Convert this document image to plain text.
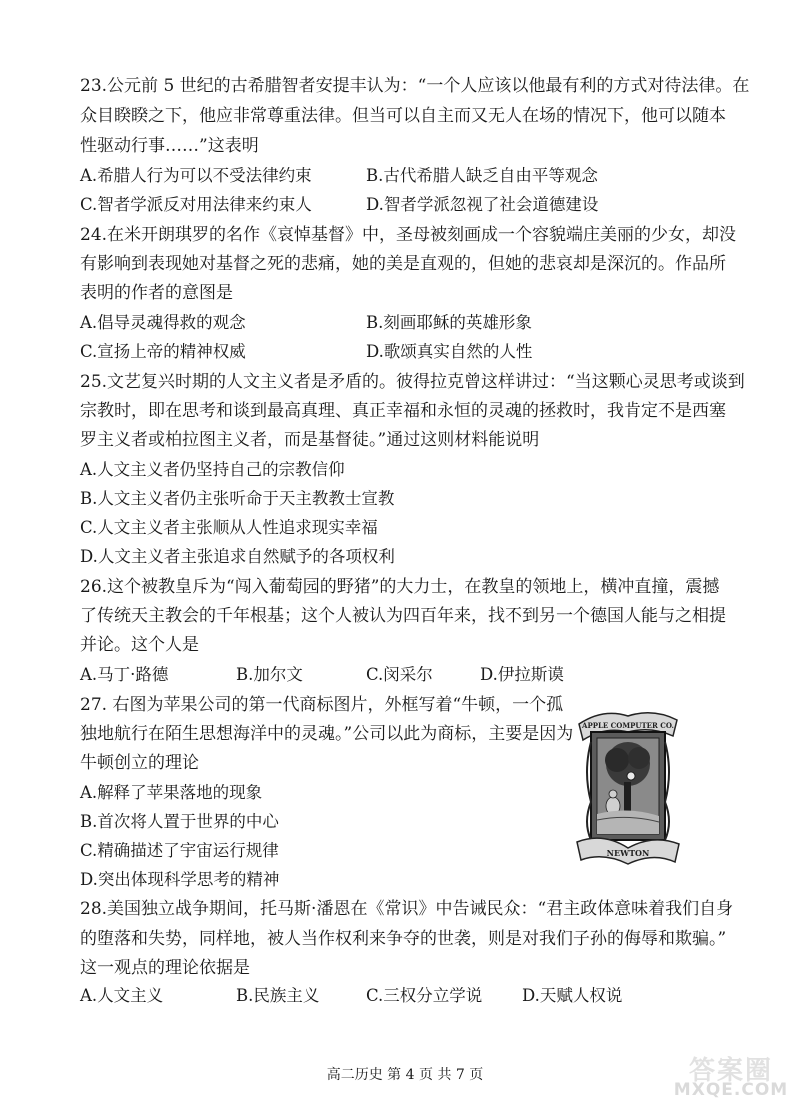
23.公元前 5 世纪的古希腊智者安提丰认为：“一个人应该以他最有利的方式对待法律。在
众目睽睽之下，他应非常尊重法律。但当可以自主而又无人在场的情况下，他可以随本
性驱动行事……”这表明
A.希腊人行为可以不受法律约束	B.古代希腊人缺乏自由平等观念
C.智者学派反对用法律来约束人	D.智者学派忽视了社会道德建设
24.在米开朗琪罗的名作《哀悼基督》中，圣母被刻画成一个容貌端庄美丽的少女，却没
有影响到表现她对基督之死的悲痛，她的美是直观的，但她的悲哀却是深沉的。作品所
表明的作者的意图是
A.倡导灵魂得救的观念	B.刻画耶稣的英雄形象
C.宣扬上帝的精神权威	D.歌颂真实自然的人性
25.文艺复兴时期的人文主义者是矛盾的。彼得拉克曾这样讲过：“当这颗心灵思考或谈到
宗教时，即在思考和谈到最高真理、真正幸福和永恒的灵魂的拯救时，我肯定不是西塞
罗主义者或柏拉图主义者，而是基督徒。”通过这则材料能说明
A.人文主义者仍坚持自己的宗教信仰
B.人文主义者仍主张听命于天主教教士宣教
C.人文主义者主张顺从人性追求现实幸福
D.人文主义者主张追求自然赋予的各项权利
26.这个被教皇斥为“闯入葡萄园的野猪”的大力士，在教皇的领地上，横冲直撞，震撼
了传统天主教会的千年根基；这个人被认为四百年来，找不到另一个德国人能与之相提
并论。这个人是
A.马丁·路德	B.加尔文	C.闵采尔	D.伊拉斯谟
27. 右图为苹果公司的第一代商标图片，外框写着“牛顿，一个孤
独地航行在陌生思想海洋中的灵魂。”公司以此为商标，主要是因为
牛顿创立的理论
A.解释了苹果落地的现象
B.首次将人置于世界的中心
C.精确描述了宇宙运行规律
D.突出体现科学思考的精神
APPLE COMPUTER CO.
NEWTON
28.美国独立战争期间，托马斯·潘恩在《常识》中告诫民众：“君主政体意味着我们自身
的堕落和失势，同样地，被人当作权利来争夺的世袭，则是对我们子孙的侮辱和欺骗。”
这一观点的理论依据是
A.人文主义	B.民族主义	C.三权分立学说 D.天赋人权说
高二历史 第 4 页 共 7 页	答案圈
MXQE.COM
